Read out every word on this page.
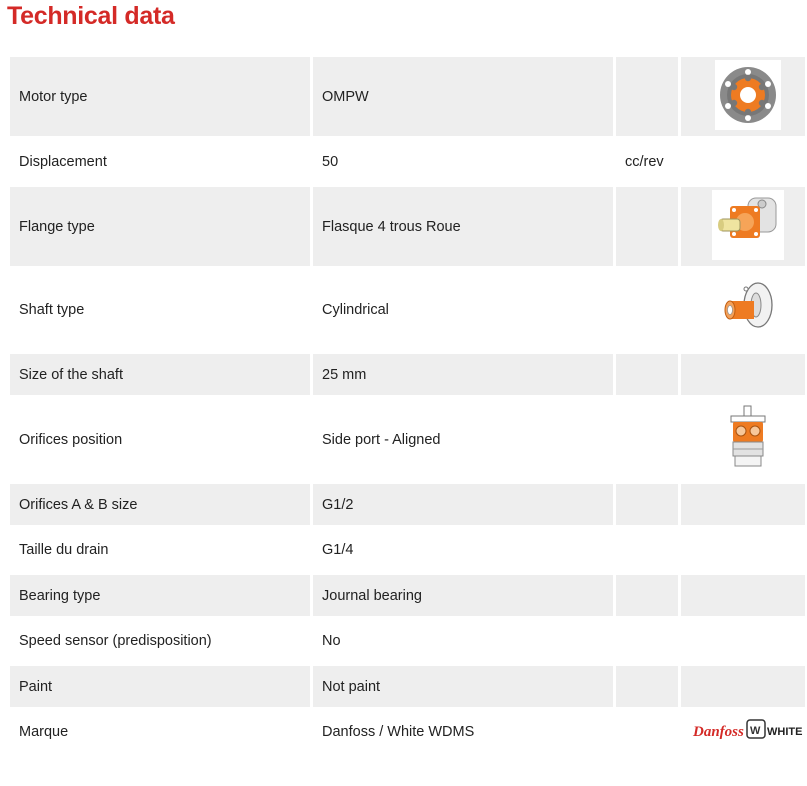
Technical data
Motor type	OMPW		
Displacement	50	cc/rev	
Flange type	Flasque 4 trous Roue		
Shaft type	Cylindrical		
Size of the shaft	25 mm		
Orifices position	Side port - Aligned		
Orifices A & B size	G1/2		
Taille du drain	G1/4		
Bearing type	Journal bearing		
Speed sensor (predisposition)	No		
Paint	Not paint		
Marque	Danfoss / White WDMS		Danfoss W WHITE
